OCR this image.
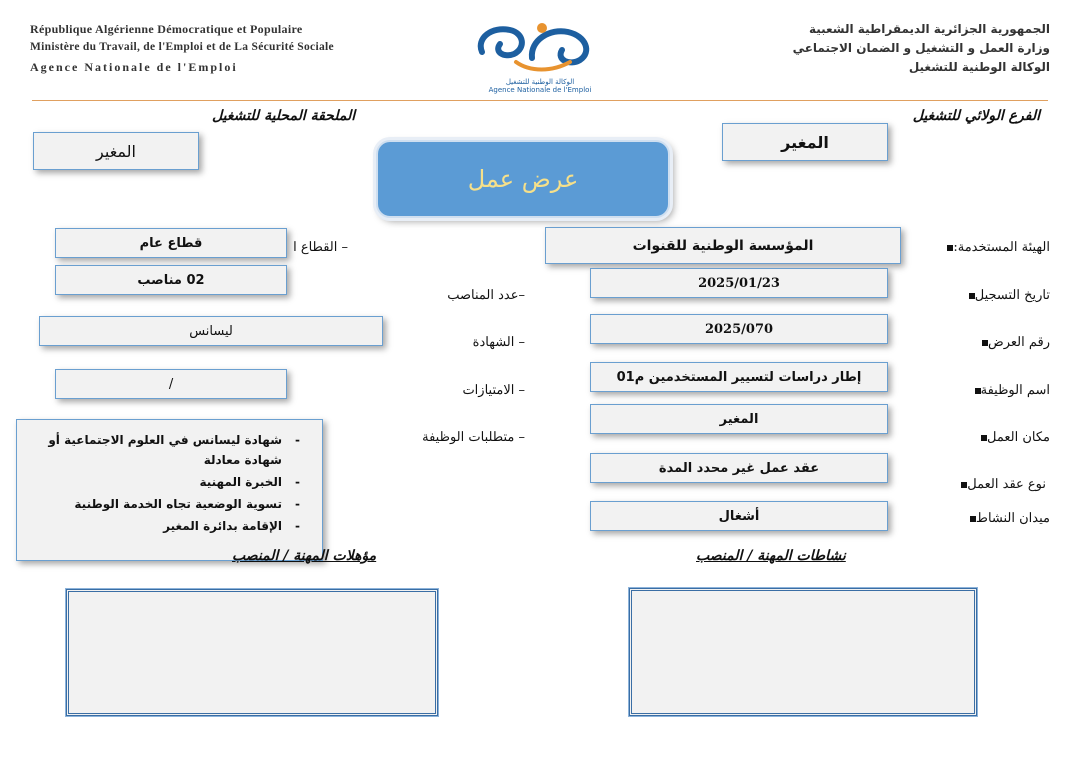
République Algérienne Démocratique et Populaire
Ministère du Travail, de l'Emploi et de La Sécurité Sociale
Agence Nationale de l'Emploi
الجمهورية الجزائرية الديمقراطية الشعبية
وزارة العمل و التشغيل و الضمان الاجتماعي
الوكالة الوطنية للتشغيل
الوكالة الوطنية للتشغيل
Agence Nationale de l'Emploi
الفرع الولائي للتشغيل
الملحقة المحلية للتشغيل
المغير
المغير
عرض عمل
الهيئة المستخدمة:
تاريخ التسجيل
رقم العرض
اسم الوظيفة
مكان العمل
نوع عقد العمل
ميدان النشاط
المؤسسة الوطنية للقنوات
2025/01/23
2025/070
إطار دراسات لتسيير المستخدمين م01
المغير
عقد عمل غير محدد المدة
أشغال
– القطاع ا
–عدد المناصب
– الشهادة
– الامتيازات
– متطلبات الوظيفة
قطاع عام
02 مناصب
ليسانس
/
- شهادة ليسانس في العلوم الاجتماعية أو شهادة معادلة
- الخبرة المهنية
- تسوية الوضعية تجاه الخدمة الوطنية
- الإقامة بدائرة المغير
نشاطات المهنة / المنصب
مؤهلات المهنة / المنصب
